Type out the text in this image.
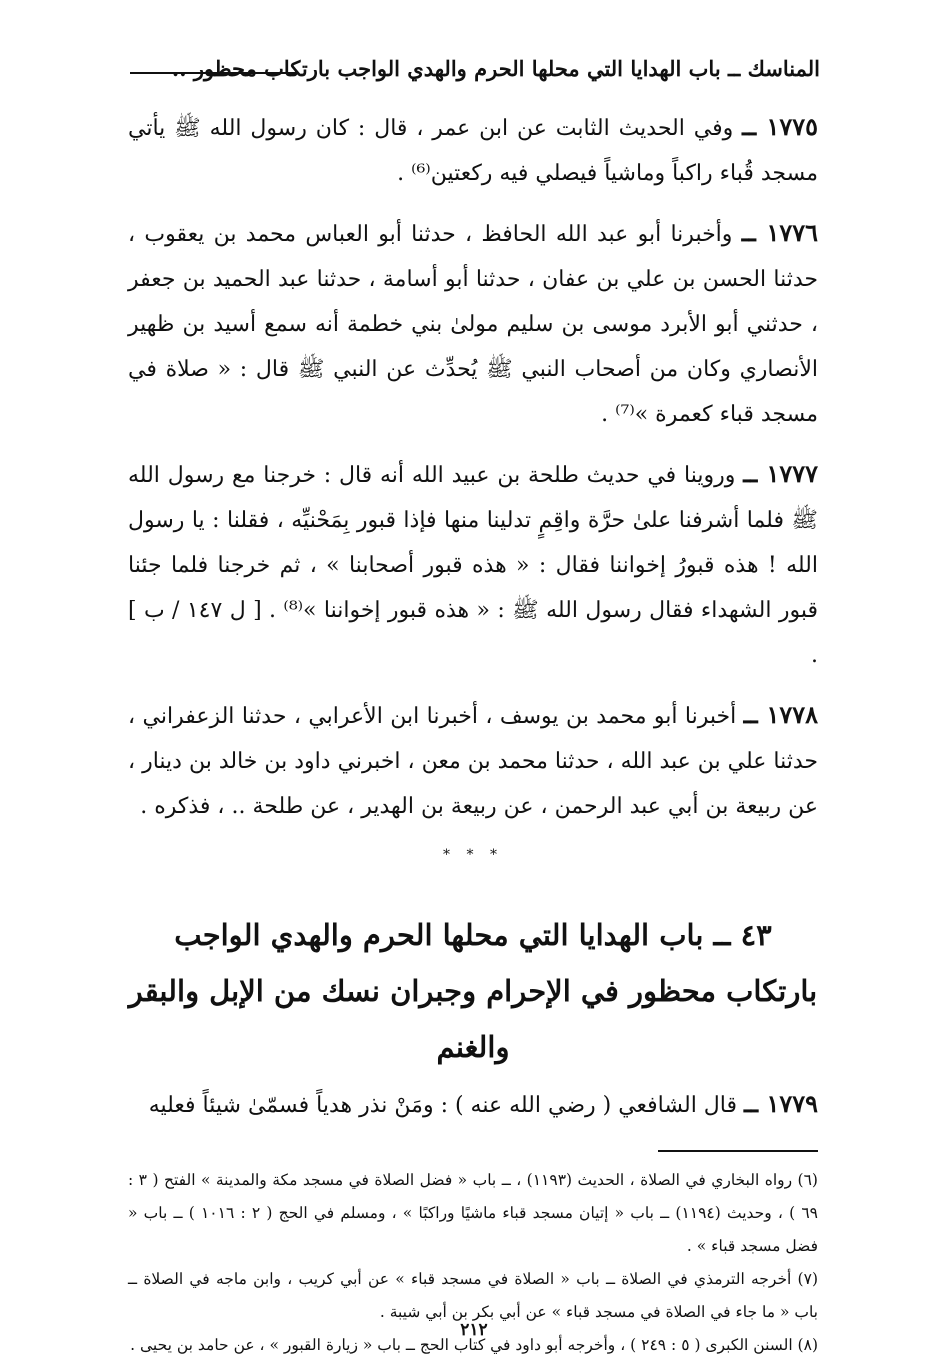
المناسك ــ باب الهدايا التي محلها الحرم والهدي الواجب بارتكاب محظور ..

١٧٧٥ ــ وفي الحديث الثابت عن ابن عمر ، قال : كان رسول الله ﷺ يأتي مسجد قُباء راكباً وماشياً فيصلي فيه ركعتين⁽⁶⁾ .

١٧٧٦ ــ وأخبرنا أبو عبد الله الحافظ ، حدثنا أبو العباس محمد بن يعقوب ، حدثنا الحسن بن علي بن عفان ، حدثنا أبو أسامة ، حدثنا عبد الحميد بن جعفر ، حدثني أبو الأبرد موسى بن سليم مولىٰ بني خطمة أنه سمع أسيد بن ظهير الأنصاري وكان من أصحاب النبي ﷺ يُحدِّث عن النبي ﷺ قال : « صلاة في مسجد قباء كعمرة »⁽⁷⁾ .

١٧٧٧ ــ وروينا في حديث طلحة بن عبيد الله أنه قال : خرجنا مع رسول الله ﷺ فلما أشرفنا علىٰ حرَّة واقِمٍ تدلينا منها فإذا قبور بِمَحْنيِّه ، فقلنا : يا رسول الله ! هذه قبورُ إخواننا فقال : « هذه قبور أصحابنا » ، ثم خرجنا فلما جئنا قبور الشهداء فقال رسول الله ﷺ : « هذه قبور إخواننا »⁽⁸⁾ . [ ل ١٤٧ / ب ] .

١٧٧٨ ــ أخبرنا أبو محمد بن يوسف ، أخبرنا ابن الأعرابي ، حدثنا الزعفراني ، حدثنا علي بن عبد الله ، حدثنا محمد بن معن ، اخبرني داود بن خالد بن دينار ، عن ربيعة بن أبي عبد الرحمن ، عن ربيعة بن الهدير ، عن طلحة .. ، فذكره .

* * *
٤٣ ــ باب الهدايا التي محلها الحرم والهدي الواجب بارتكاب محظور في الإحرام وجبران نسك من الإبل والبقر والغنم

١٧٧٩ ــ قال الشافعي ( رضي الله عنه ) : ومَنْ نذر هدياً فسمّىٰ شيئاً فعليه

(٦) رواه البخاري في الصلاة ، الحديث (١١٩٣) ، ــ باب « فضل الصلاة في مسجد مكة والمدينة » الفتح ( ٣ : ٦٩ ) ، وحديث (١١٩٤) ــ باب « إتيان مسجد قباء ماشيًا وراكبًا » ، ومسلم في الحج ( ٢ : ١٠١٦ ) ــ باب « فضل مسجد قباء » .

(٧) أخرجه الترمذي في الصلاة ــ باب « الصلاة في مسجد قباء » عن أبي كريب ، وابن ماجه في الصلاة ــ باب « ما جاء في الصلاة في مسجد قباء » عن أبي بكر بن أبي شيبة .

(٨) السنن الكبرى ( ٥ : ٢٤٩ ) ، وأخرجه أبو داود في كتاب الحج ــ باب « زيارة القبور » ، عن حامد بن يحيى .

٢١٢
